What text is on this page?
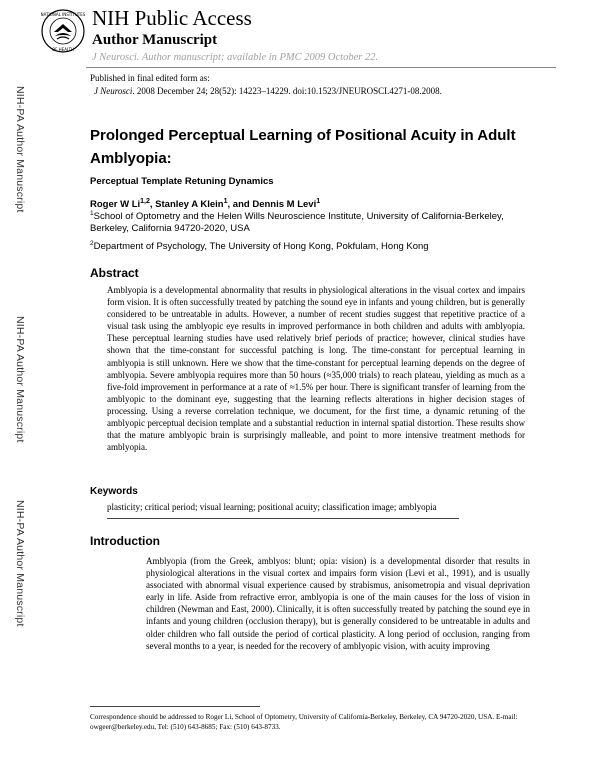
NATIONAL INSTITUTES
OF HEALTH
NIH Public Access
Author Manuscript
J Neurosci. Author manuscript; available in PMC 2009 October 22.
Published in final edited form as:
J Neurosci. 2008 December 24; 28(52): 14223–14229. doi:10.1523/JNEUROSCI.4271-08.2008.
NIH-PA Author Manuscript
NIH-PA Author Manuscript
NIH-PA Author Manuscript
Prolonged Perceptual Learning of Positional Acuity in Adult Amblyopia:
Perceptual Template Retuning Dynamics
Roger W Li$^{1,2}$, Stanley A Klein$^1$, and Dennis M Levi$^1$
$^1$School of Optometry and the Helen Wills Neuroscience Institute, University of California-Berkeley, Berkeley, California 94720-2020, USA
$^2$Department of Psychology, The University of Hong Kong, Pokfulam, Hong Kong
Abstract
Amblyopia is a developmental abnormality that results in physiological alterations in the visual cortex and impairs form vision. It is often successfully treated by patching the sound eye in infants and young children, but is generally considered to be untreatable in adults. However, a number of recent studies suggest that repetitive practice of a visual task using the amblyopic eye results in improved performance in both children and adults with amblyopia. These perceptual learning studies have used relatively brief periods of practice; however, clinical studies have shown that the time-constant for successful patching is long. The time-constant for perceptual learning in amblyopia is still unknown. Here we show that the time-constant for perceptual learning depends on the degree of amblyopia. Severe amblyopia requires more than 50 hours (≈35,000 trials) to reach plateau, yielding as much as a five-fold improvement in performance at a rate of ≈1.5% per hour. There is significant transfer of learning from the amblyopic to the dominant eye, suggesting that the learning reflects alterations in higher decision stages of processing. Using a reverse correlation technique, we document, for the first time, a dynamic retuning of the amblyopic perceptual decision template and a substantial reduction in internal spatial distortion. These results show that the mature amblyopic brain is surprisingly malleable, and point to more intensive treatment methods for amblyopia.
Keywords
plasticity; critical period; visual learning; positional acuity; classification image; amblyopia
Introduction
Amblyopia (from the Greek, amblyos: blunt; opia: vision) is a developmental disorder that results in physiological alterations in the visual cortex and impairs form vision (Levi et al., 1991), and is usually associated with abnormal visual experience caused by strabismus, anisometropia and visual deprivation early in life. Aside from refractive error, amblyopia is one of the main causes for the loss of vision in children (Newman and East, 2000). Clinically, it is often successfully treated by patching the sound eye in infants and young children (occlusion therapy), but is generally considered to be untreatable in adults and older children who fall outside the period of cortical plasticity. A long period of occlusion, ranging from several months to a year, is needed for the recovery of amblyopic vision, with acuity improving
Correspondence should be addressed to Roger Li, School of Optometry, University of California-Berkeley, Berkeley, CA 94720-2020, USA. E-mail: owgeer@berkeley.edu, Tel: (510) 643-8685; Fax: (510) 643-8733.
